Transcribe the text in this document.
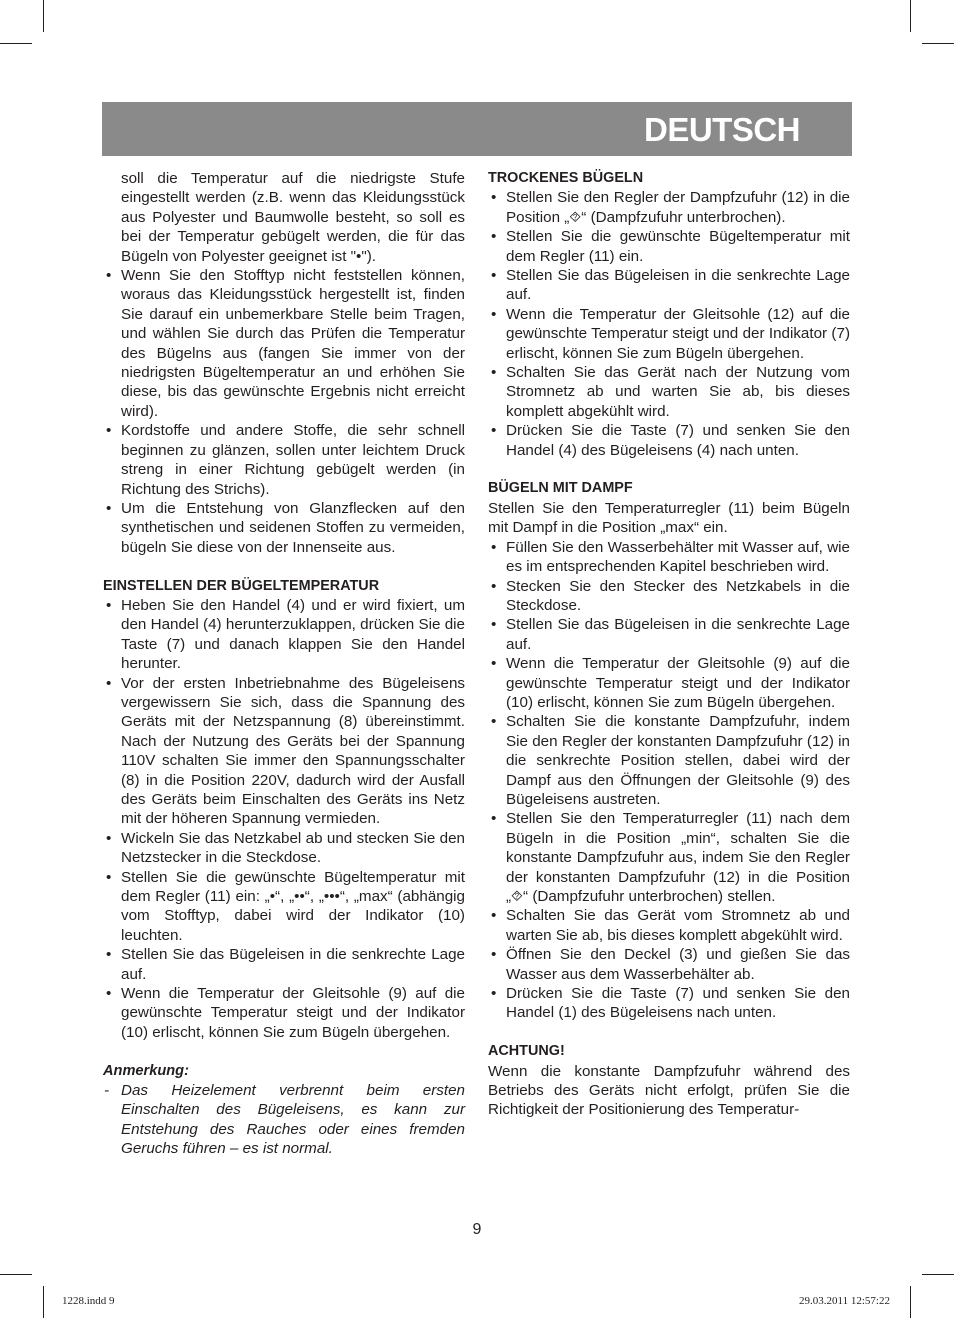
DEUTSCH

soll die Temperatur auf die niedrigste Stufe eingestellt werden (z.B. wenn das Kleidungsstück aus Polyester und Baumwolle besteht, so soll es bei der Temperatur gebügelt werden, die für das Bügeln von Polyester geeignet ist "•").

• Wenn Sie den Stofftyp nicht feststellen können, woraus das Kleidungsstück hergestellt ist, finden Sie darauf ein unbemerkbare Stelle beim Tragen, und wählen Sie durch das Prüfen die Temperatur des Bügelns aus (fangen Sie immer von der niedrigsten Bügeltemperatur an und erhöhen Sie diese, bis das gewünschte Ergebnis nicht erreicht wird).
• Kordstoffe und andere Stoffe, die sehr schnell beginnen zu glänzen, sollen unter leichtem Druck streng in einer Richtung gebügelt werden (in Richtung des Strichs).
• Um die Entstehung von Glanzflecken auf den synthetischen und seidenen Stoffen zu vermeiden, bügeln Sie diese von der Innenseite aus.
EINSTELLEN DER BÜGELTEMPERATUR
• Heben Sie den Handel (4) und er wird fixiert, um den Handel (4) herunterzuklappen, drücken Sie die Taste (7) und danach klappen Sie den Handel herunter.
• Vor der ersten Inbetriebnahme des Bügeleisens vergewissern Sie sich, dass die Spannung des Geräts mit der Netzspannung (8) übereinstimmt. Nach der Nutzung des Geräts bei der Spannung 110V schalten Sie immer den Spannungsschalter (8) in die Position 220V, dadurch wird der Ausfall des Geräts beim Einschalten des Geräts ins Netz mit der höheren Spannung vermieden.
• Wickeln Sie das Netzkabel ab und stecken Sie den Netzstecker in die Steckdose.
• Stellen Sie die gewünschte Bügeltemperatur mit dem Regler (11) ein: „•“, „••“, „•••“, „max“ (abhängig vom Stofftyp, dabei wird der Indikator (10) leuchten.
• Stellen Sie das Bügeleisen in die senkrechte Lage auf.
• Wenn die Temperatur der Gleitsohle (9) auf die gewünschte Temperatur steigt und der Indikator (10) erlischt, können Sie zum Bügeln übergehen.
Anmerkung:
- Das Heizelement verbrennt beim ersten Einschalten des Bügeleisens, es kann zur Entstehung des Rauches oder eines fremden Geruchs führen – es ist normal.
TROCKENES BÜGELN
• Stellen Sie den Regler der Dampfzufuhr (12) in die Position „⯑“ (Dampfzufuhr unterbrochen).
• Stellen Sie die gewünschte Bügeltemperatur mit dem Regler (11) ein.
• Stellen Sie das Bügeleisen in die senkrechte Lage auf.
• Wenn die Temperatur der Gleitsohle (12) auf die gewünschte Temperatur steigt und der Indikator (7) erlischt, können Sie zum Bügeln übergehen.
• Schalten Sie das Gerät nach der Nutzung vom Stromnetz ab und warten Sie ab, bis dieses komplett abgekühlt wird.
• Drücken Sie die Taste (7) und senken Sie den Handel (4) des Bügeleisens (4) nach unten.
BÜGELN MIT DAMPF

Stellen Sie den Temperaturregler (11) beim Bügeln mit Dampf in die Position „max“ ein.

• Füllen Sie den Wasserbehälter mit Wasser auf, wie es im entsprechenden Kapitel beschrieben wird.
• Stecken Sie den Stecker des Netzkabels in die Steckdose.
• Stellen Sie das Bügeleisen in die senkrechte Lage auf.
• Wenn die Temperatur der Gleitsohle (9) auf die gewünschte Temperatur steigt und der Indikator (10) erlischt, können Sie zum Bügeln übergehen.
• Schalten Sie die konstante Dampfzufuhr, indem Sie den Regler der konstanten Dampfzufuhr (12) in die senkrechte Position stellen, dabei wird der Dampf aus den Öffnungen der Gleitsohle (9) des Bügeleisens austreten.
• Stellen Sie den Temperaturregler (11) nach dem Bügeln in die Position „min“, schalten Sie die konstante Dampfzufuhr aus, indem Sie den Regler der konstanten Dampfzufuhr (12) in die Position „⯑“ (Dampfzufuhr unterbrochen) stellen.
• Schalten Sie das Gerät vom Stromnetz ab und warten Sie ab, bis dieses komplett abgekühlt wird.
• Öffnen Sie den Deckel (3) und gießen Sie das Wasser aus dem Wasserbehälter ab.
• Drücken Sie die Taste (7) und senken Sie den Handel (1) des Bügeleisens nach unten.
ACHTUNG!

Wenn die konstante Dampfzufuhr während des Betriebs des Geräts nicht erfolgt, prüfen Sie die Richtigkeit der Positionierung des Temperatur-

9
1228.indd 9	29.03.2011 12:57:22
